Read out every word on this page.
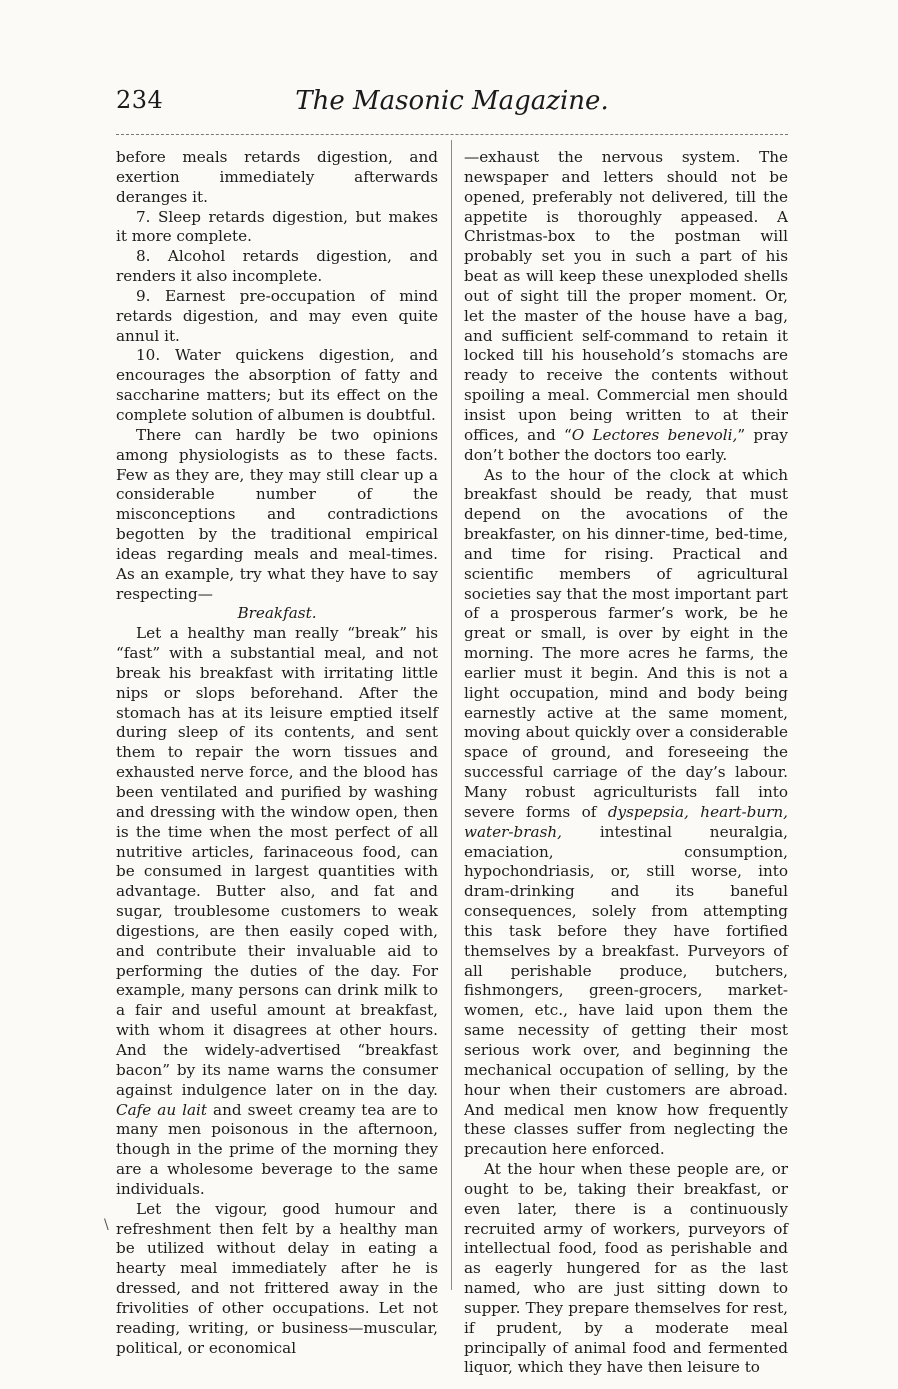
234	The Masonic Magazine.

before meals retards digestion, and exertion immediately afterwards deranges it.

7. Sleep retards digestion, but makes it more complete.

8. Alcohol retards digestion, and renders it also incomplete.

9. Earnest pre-occupation of mind retards digestion, and may even quite annul it.

10. Water quickens digestion, and encourages the absorption of fatty and saccharine matters; but its effect on the complete solution of albumen is doubtful.

There can hardly be two opinions among physiologists as to these facts. Few as they are, they may still clear up a considerable number of the misconceptions and contradictions begotten by the traditional empirical ideas regarding meals and meal-times. As an example, try what they have to say respecting—

Breakfast.

Let a healthy man really “break” his “fast” with a substantial meal, and not break his breakfast with irritating little nips or slops beforehand. After the stomach has at its leisure emptied itself during sleep of its contents, and sent them to repair the worn tissues and exhausted nerve force, and the blood has been ventilated and purified by washing and dressing with the window open, then is the time when the most perfect of all nutritive articles, farinaceous food, can be consumed in largest quantities with advantage. Butter also, and fat and sugar, troublesome customers to weak digestions, are then easily coped with, and contribute their invaluable aid to performing the duties of the day. For example, many persons can drink milk to a fair and useful amount at breakfast, with whom it disagrees at other hours. And the widely-advertised “breakfast bacon” by its name warns the consumer against indulgence later on in the day. Cafe au lait and sweet creamy tea are to many men poisonous in the afternoon, though in the prime of the morning they are a wholesome beverage to the same individuals.

Let the vigour, good humour and refreshment then felt by a healthy man be utilized without delay in eating a hearty meal immediately after he is dressed, and not frittered away in the frivolities of other occupations. Let not reading, writing, or business—muscular, political, or economical

—exhaust the nervous system. The newspaper and letters should not be opened, preferably not delivered, till the appetite is thoroughly appeased. A Christmas-box to the postman will probably set you in such a part of his beat as will keep these unexploded shells out of sight till the proper moment. Or, let the master of the house have a bag, and sufficient self-command to retain it locked till his household’s stomachs are ready to receive the contents without spoiling a meal. Commercial men should insist upon being written to at their offices, and “O Lectores benevoli,” pray don’t bother the doctors too early.

As to the hour of the clock at which breakfast should be ready, that must depend on the avocations of the breakfaster, on his dinner-time, bed-time, and time for rising. Practical and scientific members of agricultural societies say that the most important part of a prosperous farmer’s work, be he great or small, is over by eight in the morning. The more acres he farms, the earlier must it begin. And this is not a light occupation, mind and body being earnestly active at the same moment, moving about quickly over a considerable space of ground, and foreseeing the successful carriage of the day’s labour. Many robust agriculturists fall into severe forms of dyspepsia, heart-burn, water-brash, intestinal neuralgia, emaciation, consumption, hypochondriasis, or, still worse, into dram-drinking and its baneful consequences, solely from attempting this task before they have fortified themselves by a breakfast. Purveyors of all perishable produce, butchers, fishmongers, green-grocers, market-women, etc., have laid upon them the same necessity of getting their most serious work over, and beginning the mechanical occupation of selling, by the hour when their customers are abroad. And medical men know how frequently these classes suffer from neglecting the precaution here enforced.

At the hour when these people are, or ought to be, taking their breakfast, or even later, there is a continuously recruited army of workers, purveyors of intellectual food, food as perishable and as eagerly hungered for as the last named, who are just sitting down to supper. They prepare themselves for rest, if prudent, by a moderate meal principally of animal food and fermented liquor, which they have then leisure to

\
